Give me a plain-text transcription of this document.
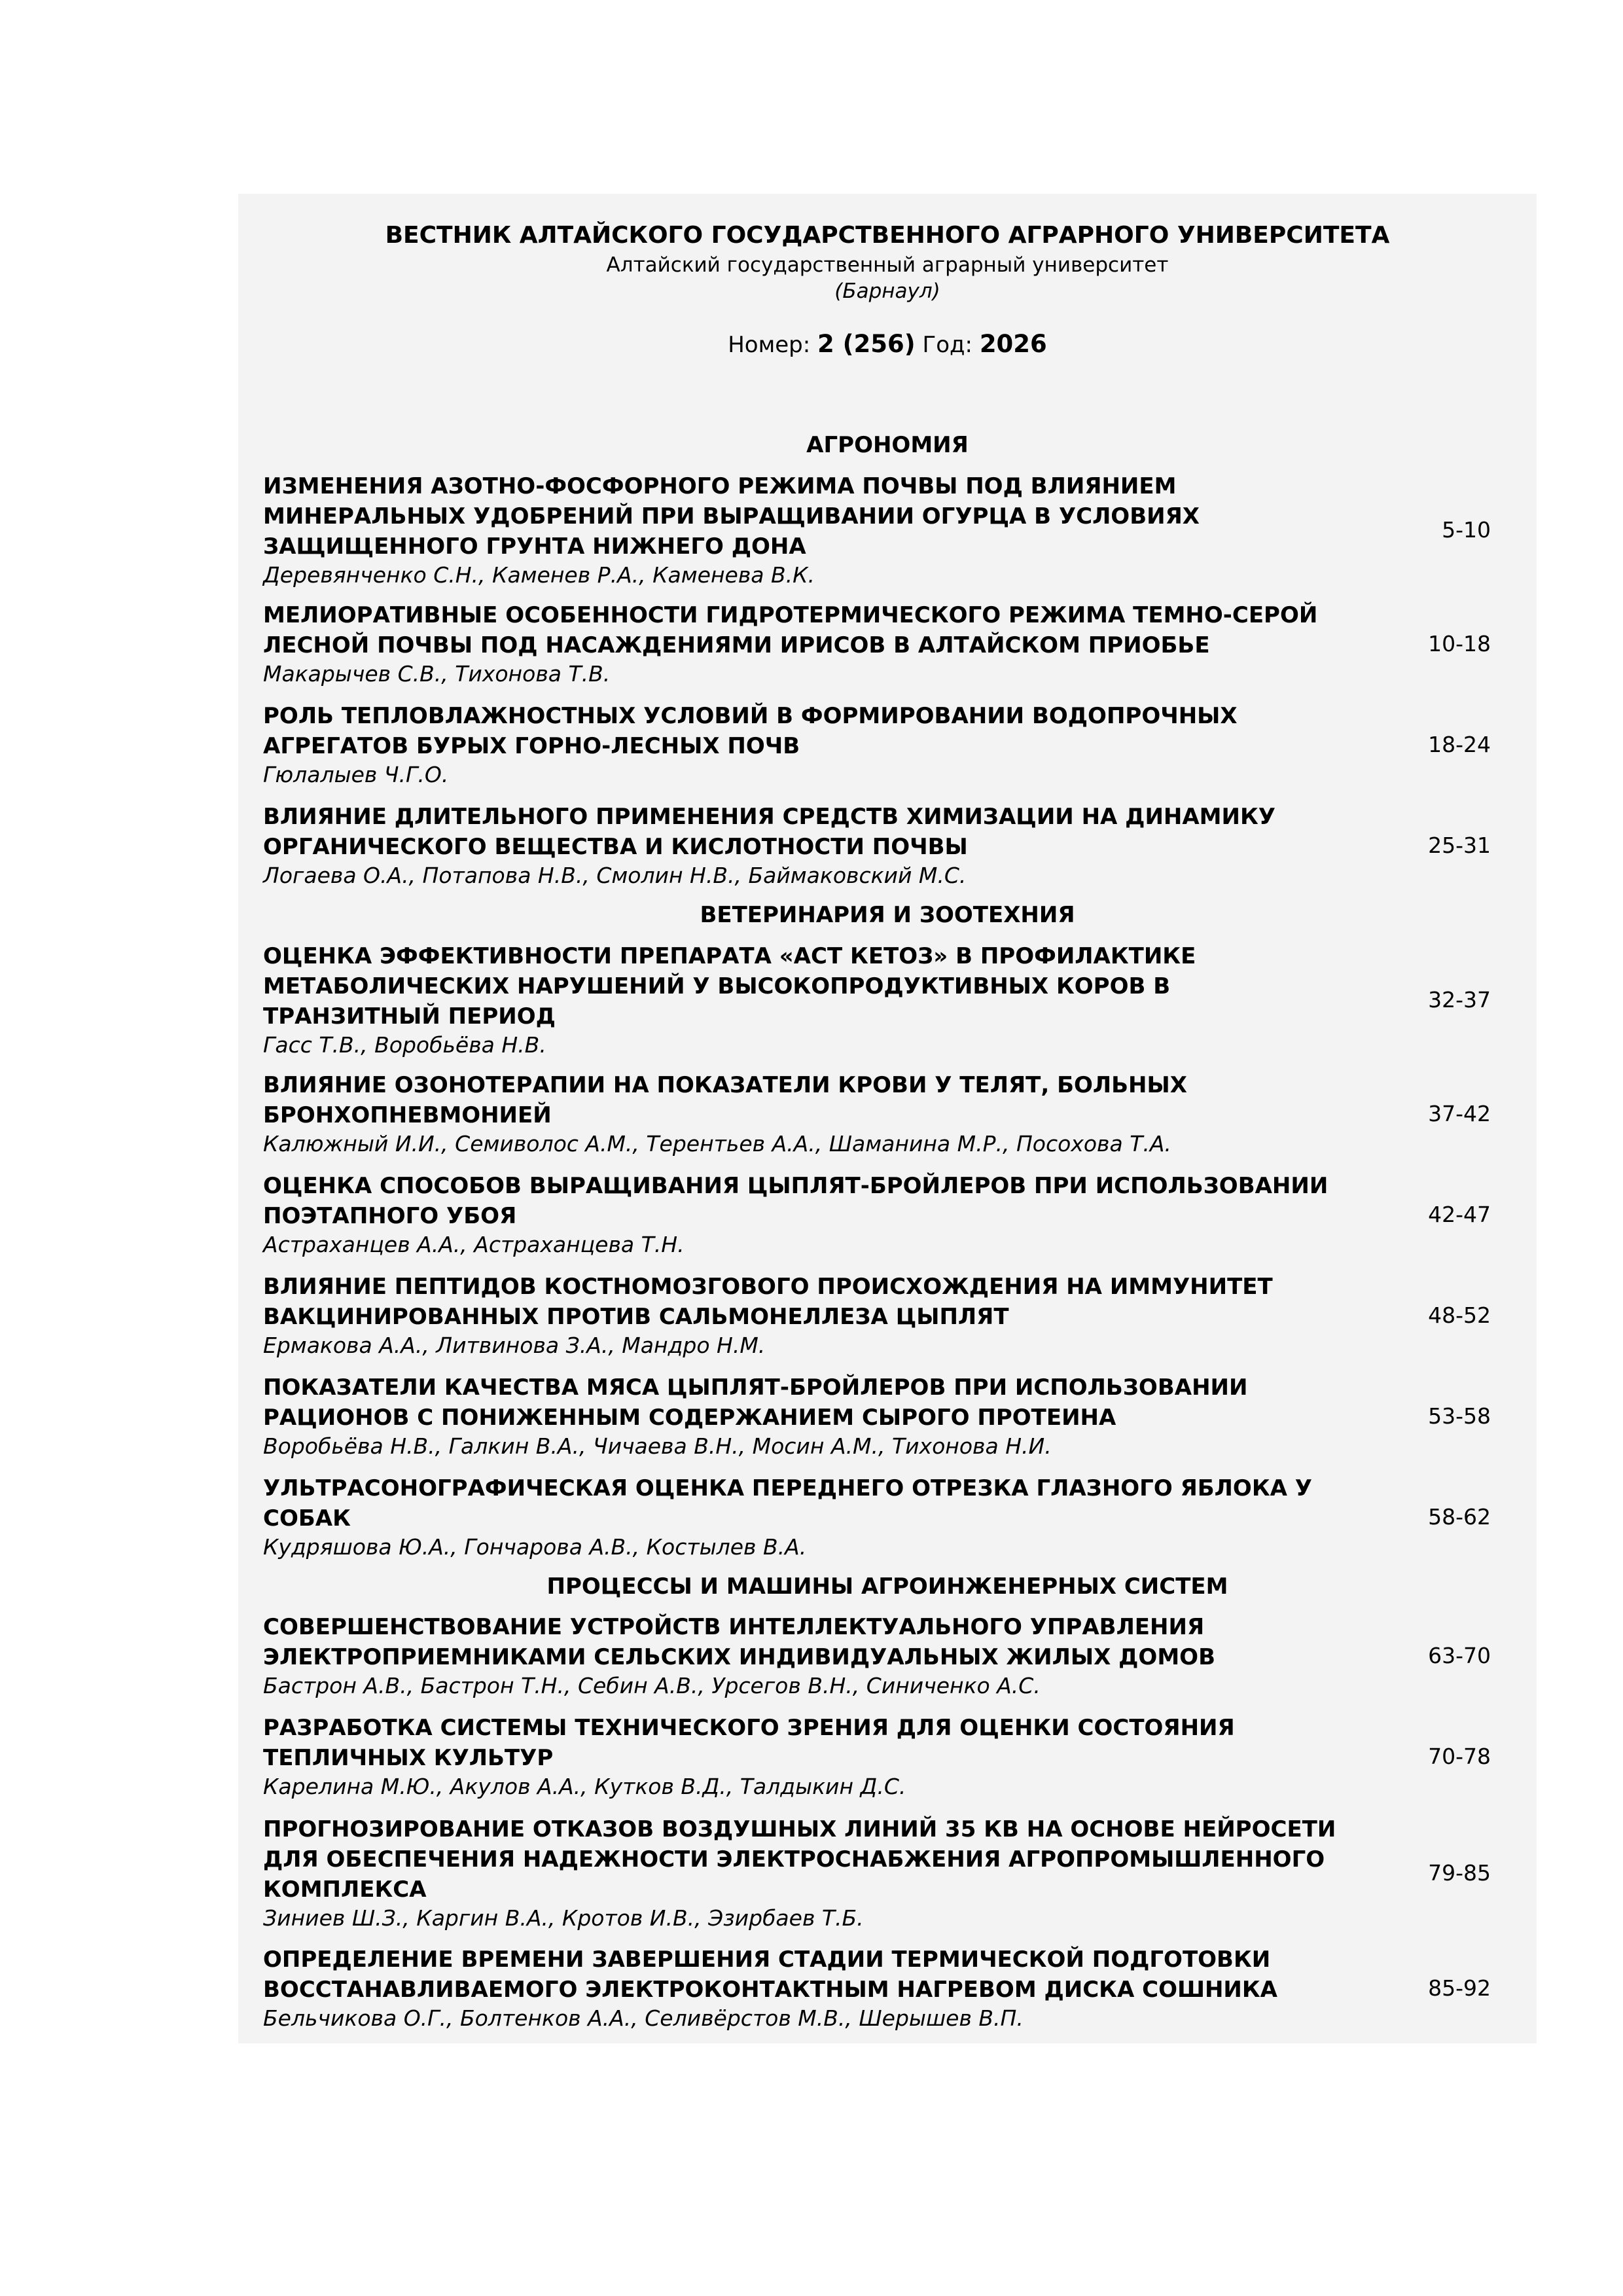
ВЕСТНИК АЛТАЙСКОГО ГОСУДАРСТВЕННОГО АГРАРНОГО УНИВЕРСИТЕТА
Алтайский государственный аграрный университет
(Барнаул)
Номер: 2 (256) Год: 2026
АГРОНОМИЯ
ИЗМЕНЕНИЯ АЗОТНО-ФОСФОРНОГО РЕЖИМА ПОЧВЫ ПОД ВЛИЯНИЕМ МИНЕРАЛЬНЫХ УДОБРЕНИЙ ПРИ ВЫРАЩИВАНИИ ОГУРЦА В УСЛОВИЯХ ЗАЩИЩЕННОГО ГРУНТА НИЖНЕГО ДОНА
Деревянченко С.Н., Каменев Р.А., Каменева В.К.
5-10
МЕЛИОРАТИВНЫЕ ОСОБЕННОСТИ ГИДРОТЕРМИЧЕСКОГО РЕЖИМА ТЕМНО-СЕРОЙ ЛЕСНОЙ ПОЧВЫ ПОД НАСАЖДЕНИЯМИ ИРИСОВ В АЛТАЙСКОМ ПРИОБЬЕ
Макарычев С.В., Тихонова Т.В.
10-18
РОЛЬ ТЕПЛОВЛАЖНОСТНЫХ УСЛОВИЙ В ФОРМИРОВАНИИ ВОДОПРОЧНЫХ АГРЕГАТОВ БУРЫХ ГОРНО-ЛЕСНЫХ ПОЧВ
Гюлалыев Ч.Г.О.
18-24
ВЛИЯНИЕ ДЛИТЕЛЬНОГО ПРИМЕНЕНИЯ СРЕДСТВ ХИМИЗАЦИИ НА ДИНАМИКУ ОРГАНИЧЕСКОГО ВЕЩЕСТВА И КИСЛОТНОСТИ ПОЧВЫ
Логаева О.А., Потапова Н.В., Смолин Н.В., Баймаковский М.С.
25-31
ВЕТЕРИНАРИЯ И ЗООТЕХНИЯ
ОЦЕНКА ЭФФЕКТИВНОСТИ ПРЕПАРАТА «АСТ КЕТОЗ» В ПРОФИЛАКТИКЕ МЕТАБОЛИЧЕСКИХ НАРУШЕНИЙ У ВЫСОКОПРОДУКТИВНЫХ КОРОВ В ТРАНЗИТНЫЙ ПЕРИОД
Гасс Т.В., Воробьёва Н.В.
32-37
ВЛИЯНИЕ ОЗОНОТЕРАПИИ НА ПОКАЗАТЕЛИ КРОВИ У ТЕЛЯТ, БОЛЬНЫХ БРОНХОПНЕВМОНИЕЙ
Калюжный И.И., Семиволос А.М., Терентьев А.А., Шаманина М.Р., Посохова Т.А.
37-42
ОЦЕНКА СПОСОБОВ ВЫРАЩИВАНИЯ ЦЫПЛЯТ-БРОЙЛЕРОВ ПРИ ИСПОЛЬЗОВАНИИ ПОЭТАПНОГО УБОЯ
Астраханцев А.А., Астраханцева Т.Н.
42-47
ВЛИЯНИЕ ПЕПТИДОВ КОСТНОМОЗГОВОГО ПРОИСХОЖДЕНИЯ НА ИММУНИТЕТ ВАКЦИНИРОВАННЫХ ПРОТИВ САЛЬМОНЕЛЛЕЗА ЦЫПЛЯТ
Ермакова А.А., Литвинова З.А., Мандро Н.М.
48-52
ПОКАЗАТЕЛИ КАЧЕСТВА МЯСА ЦЫПЛЯТ-БРОЙЛЕРОВ ПРИ ИСПОЛЬЗОВАНИИ РАЦИОНОВ С ПОНИЖЕННЫМ СОДЕРЖАНИЕМ СЫРОГО ПРОТЕИНА
Воробьёва Н.В., Галкин В.А., Чичаева В.Н., Мосин А.М., Тихонова Н.И.
53-58
УЛЬТРАСОНОГРАФИЧЕСКАЯ ОЦЕНКА ПЕРЕДНЕГО ОТРЕЗКА ГЛАЗНОГО ЯБЛОКА У СОБАК
Кудряшова Ю.А., Гончарова А.В., Костылев В.А.
58-62
ПРОЦЕССЫ И МАШИНЫ АГРОИНЖЕНЕРНЫХ СИСТЕМ
СОВЕРШЕНСТВОВАНИЕ УСТРОЙСТВ ИНТЕЛЛЕКТУАЛЬНОГО УПРАВЛЕНИЯ ЭЛЕКТРОПРИЕМНИКАМИ СЕЛЬСКИХ ИНДИВИДУАЛЬНЫХ ЖИЛЫХ ДОМОВ
Бастрон А.В., Бастрон Т.Н., Себин А.В., Урсегов В.Н., Синиченко А.С.
63-70
РАЗРАБОТКА СИСТЕМЫ ТЕХНИЧЕСКОГО ЗРЕНИЯ ДЛЯ ОЦЕНКИ СОСТОЯНИЯ ТЕПЛИЧНЫХ КУЛЬТУР
Карелина М.Ю., Акулов А.А., Кутков В.Д., Талдыкин Д.С.
70-78
ПРОГНОЗИРОВАНИЕ ОТКАЗОВ ВОЗДУШНЫХ ЛИНИЙ 35 КВ НА ОСНОВЕ НЕЙРОСЕТИ ДЛЯ ОБЕСПЕЧЕНИЯ НАДЕЖНОСТИ ЭЛЕКТРОСНАБЖЕНИЯ АГРОПРОМЫШЛЕННОГО КОМПЛЕКСА
Зиниев Ш.З., Каргин В.А., Кротов И.В., Эзирбаев Т.Б.
79-85
ОПРЕДЕЛЕНИЕ ВРЕМЕНИ ЗАВЕРШЕНИЯ СТАДИИ ТЕРМИЧЕСКОЙ ПОДГОТОВКИ ВОССТАНАВЛИВАЕМОГО ЭЛЕКТРОКОНТАКТНЫМ НАГРЕВОМ ДИСКА СОШНИКА
Бельчикова О.Г., Болтенков А.А., Селивёрстов М.В., Шерышев В.П.
85-92
